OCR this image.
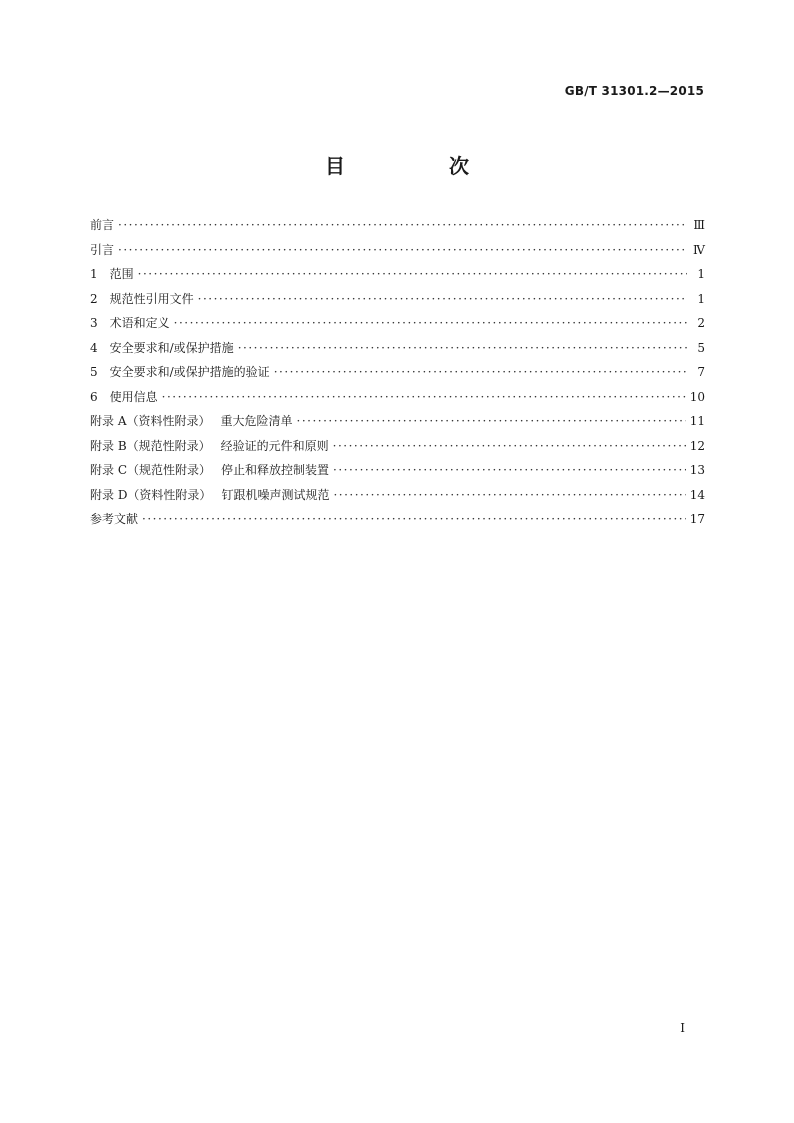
GB/T 31301.2—2015
目　次
前言 ·····	Ⅲ
引言 ·····	Ⅳ
1 范围 ·····	1
2 规范性引用文件 ·····	1
3 术语和定义 ·····	2
4 安全要求和/或保护措施 ·····	5
5 安全要求和/或保护措施的验证 ·····	7
6 使用信息 ·····	10
附录 A（资料性附录） 重大危险清单 ·····	11
附录 B（规范性附录） 经验证的元件和原则 ·····	12
附录 C（规范性附录） 停止和释放控制装置 ·····	13
附录 D（资料性附录） 钉跟机噪声测试规范 ·····	14
参考文献 ·····	17
I
